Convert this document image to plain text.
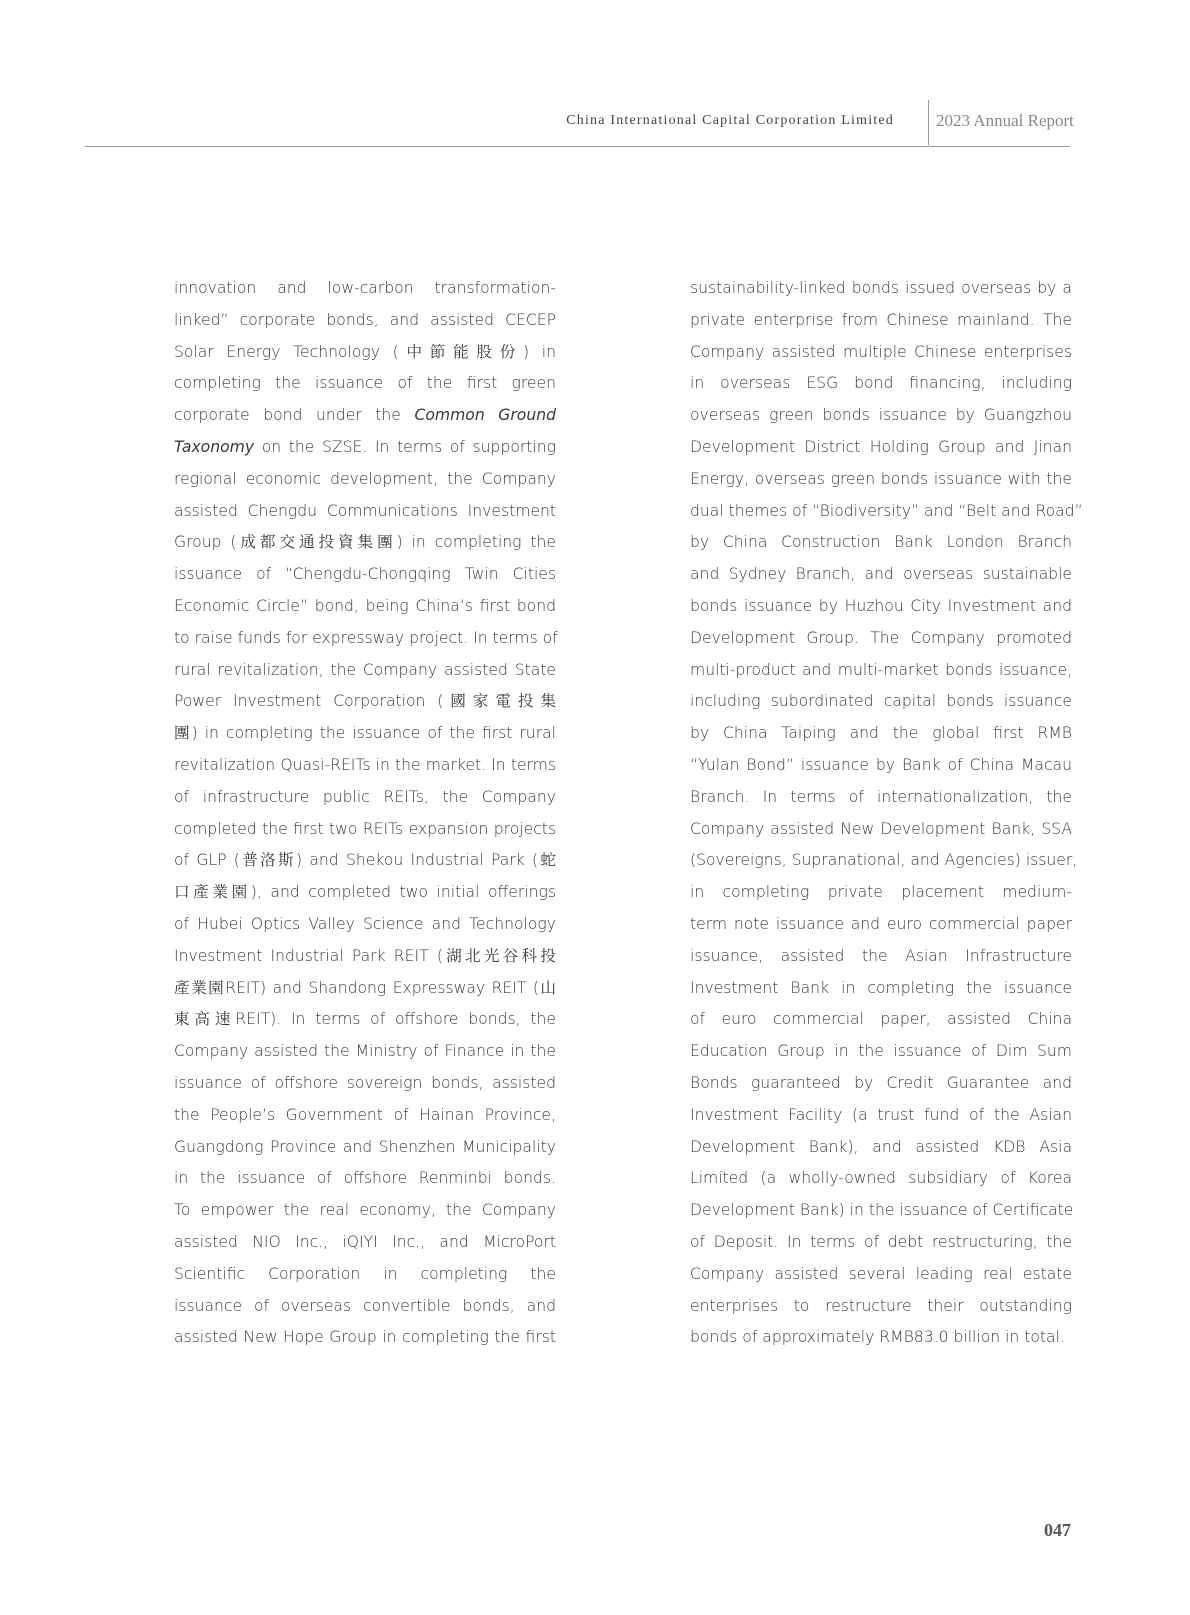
China International Capital Corporation Limited 2023 Annual Report
innovation and low-carbon transformation-
linked” corporate bonds, and assisted CECEP
Solar Energy Technology (中節能股份) in
completing the issuance of the first green
corporate bond under the Common Ground
Taxonomy on the SZSE. In terms of supporting
regional economic development, the Company
assisted Chengdu Communications Investment
Group (成都交通投資集團) in completing the
issuance of “Chengdu-Chongqing Twin Cities
Economic Circle” bond, being China’s first bond
to raise funds for expressway project. In terms of
rural revitalization, the Company assisted State
Power Investment Corporation (國家電投集
團) in completing the issuance of the first rural
revitalization Quasi-REITs in the market. In terms
of infrastructure public REITs, the Company
completed the first two REITs expansion projects
of GLP (普洛斯) and Shekou Industrial Park (蛇
口產業園), and completed two initial offerings
of Hubei Optics Valley Science and Technology
Investment Industrial Park REIT (湖北光谷科投
產業園REIT) and Shandong Expressway REIT (山
東高速REIT). In terms of offshore bonds, the
Company assisted the Ministry of Finance in the
issuance of offshore sovereign bonds, assisted
the People’s Government of Hainan Province,
Guangdong Province and Shenzhen Municipality
in the issuance of offshore Renminbi bonds.
To empower the real economy, the Company
assisted NIO Inc., iQIYI Inc., and MicroPort
Scientific Corporation in completing the
issuance of overseas convertible bonds, and
assisted New Hope Group in completing the first
sustainability-linked bonds issued overseas by a
private enterprise from Chinese mainland. The
Company assisted multiple Chinese enterprises
in overseas ESG bond financing, including
overseas green bonds issuance by Guangzhou
Development District Holding Group and Jinan
Energy, overseas green bonds issuance with the
dual themes of “Biodiversity” and “Belt and Road”
by China Construction Bank London Branch
and Sydney Branch, and overseas sustainable
bonds issuance by Huzhou City Investment and
Development Group. The Company promoted
multi-product and multi-market bonds issuance,
including subordinated capital bonds issuance
by China Taiping and the global first RMB
“Yulan Bond” issuance by Bank of China Macau
Branch. In terms of internationalization, the
Company assisted New Development Bank, SSA
(Sovereigns, Supranational, and Agencies) issuer,
in completing private placement medium-
term note issuance and euro commercial paper
issuance, assisted the Asian Infrastructure
Investment Bank in completing the issuance
of euro commercial paper, assisted China
Education Group in the issuance of Dim Sum
Bonds guaranteed by Credit Guarantee and
Investment Facility (a trust fund of the Asian
Development Bank), and assisted KDB Asia
Limited (a wholly-owned subsidiary of Korea
Development Bank) in the issuance of Certificate
of Deposit. In terms of debt restructuring, the
Company assisted several leading real estate
enterprises to restructure their outstanding
bonds of approximately RMB83.0 billion in total.
047
